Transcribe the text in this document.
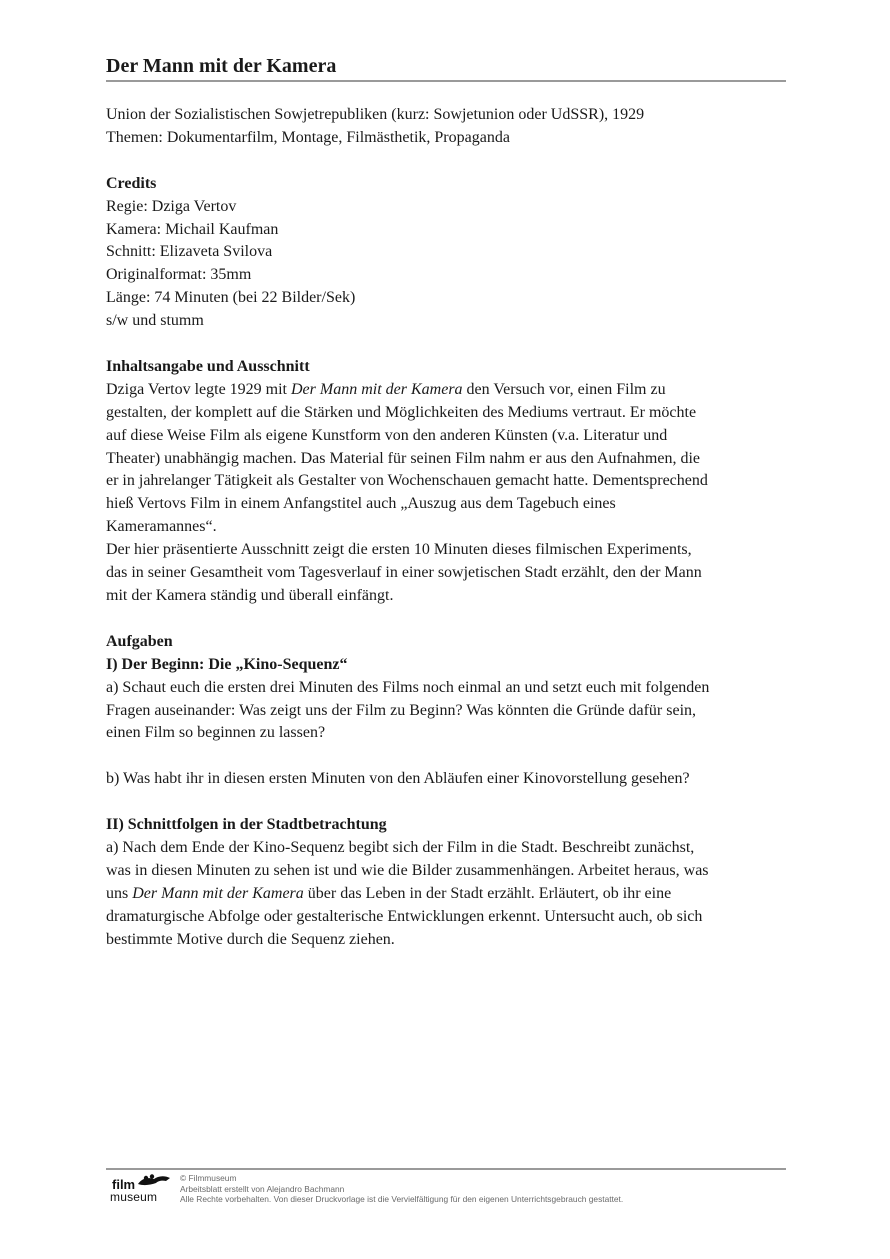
Der Mann mit der Kamera
Union der Sozialistischen Sowjetrepubliken (kurz: Sowjetunion oder UdSSR), 1929
Themen: Dokumentarfilm, Montage, Filmästhetik, Propaganda
Credits
Regie: Dziga Vertov
Kamera: Michail Kaufman
Schnitt: Elizaveta Svilova
Originalformat: 35mm
Länge: 74 Minuten (bei 22 Bilder/Sek)
s/w und stumm
Inhaltsangabe und Ausschnitt
Dziga Vertov legte 1929 mit Der Mann mit der Kamera den Versuch vor, einen Film zu
gestalten, der komplett auf die Stärken und Möglichkeiten des Mediums vertraut. Er möchte
auf diese Weise Film als eigene Kunstform von den anderen Künsten (v.a. Literatur und
Theater) unabhängig machen. Das Material für seinen Film nahm er aus den Aufnahmen, die
er in jahrelanger Tätigkeit als Gestalter von Wochenschauen gemacht hatte. Dementsprechend
hieß Vertovs Film in einem Anfangstitel auch „Auszug aus dem Tagebuch eines
Kameramannes“.
Der hier präsentierte Ausschnitt zeigt die ersten 10 Minuten dieses filmischen Experiments,
das in seiner Gesamtheit vom Tagesverlauf in einer sowjetischen Stadt erzählt, den der Mann
mit der Kamera ständig und überall einfängt.
Aufgaben
I) Der Beginn: Die „Kino-Sequenz“
a) Schaut euch die ersten drei Minuten des Films noch einmal an und setzt euch mit folgenden
Fragen auseinander: Was zeigt uns der Film zu Beginn? Was könnten die Gründe dafür sein,
einen Film so beginnen zu lassen?
b) Was habt ihr in diesen ersten Minuten von den Abläufen einer Kinovorstellung gesehen?
II) Schnittfolgen in der Stadtbetrachtung
a) Nach dem Ende der Kino-Sequenz begibt sich der Film in die Stadt. Beschreibt zunächst,
was in diesen Minuten zu sehen ist und wie die Bilder zusammenhängen. Arbeitet heraus, was
uns Der Mann mit der Kamera über das Leben in der Stadt erzählt. Erläutert, ob ihr eine
dramaturgische Abfolge oder gestalterische Entwicklungen erkennt. Untersucht auch, ob sich
bestimmte Motive durch die Sequenz ziehen.
film
museum
© Filmmuseum
Arbeitsblatt erstellt von Alejandro Bachmann
Alle Rechte vorbehalten. Von dieser Druckvorlage ist die Vervielfältigung für den eigenen Unterrichtsgebrauch gestattet.
